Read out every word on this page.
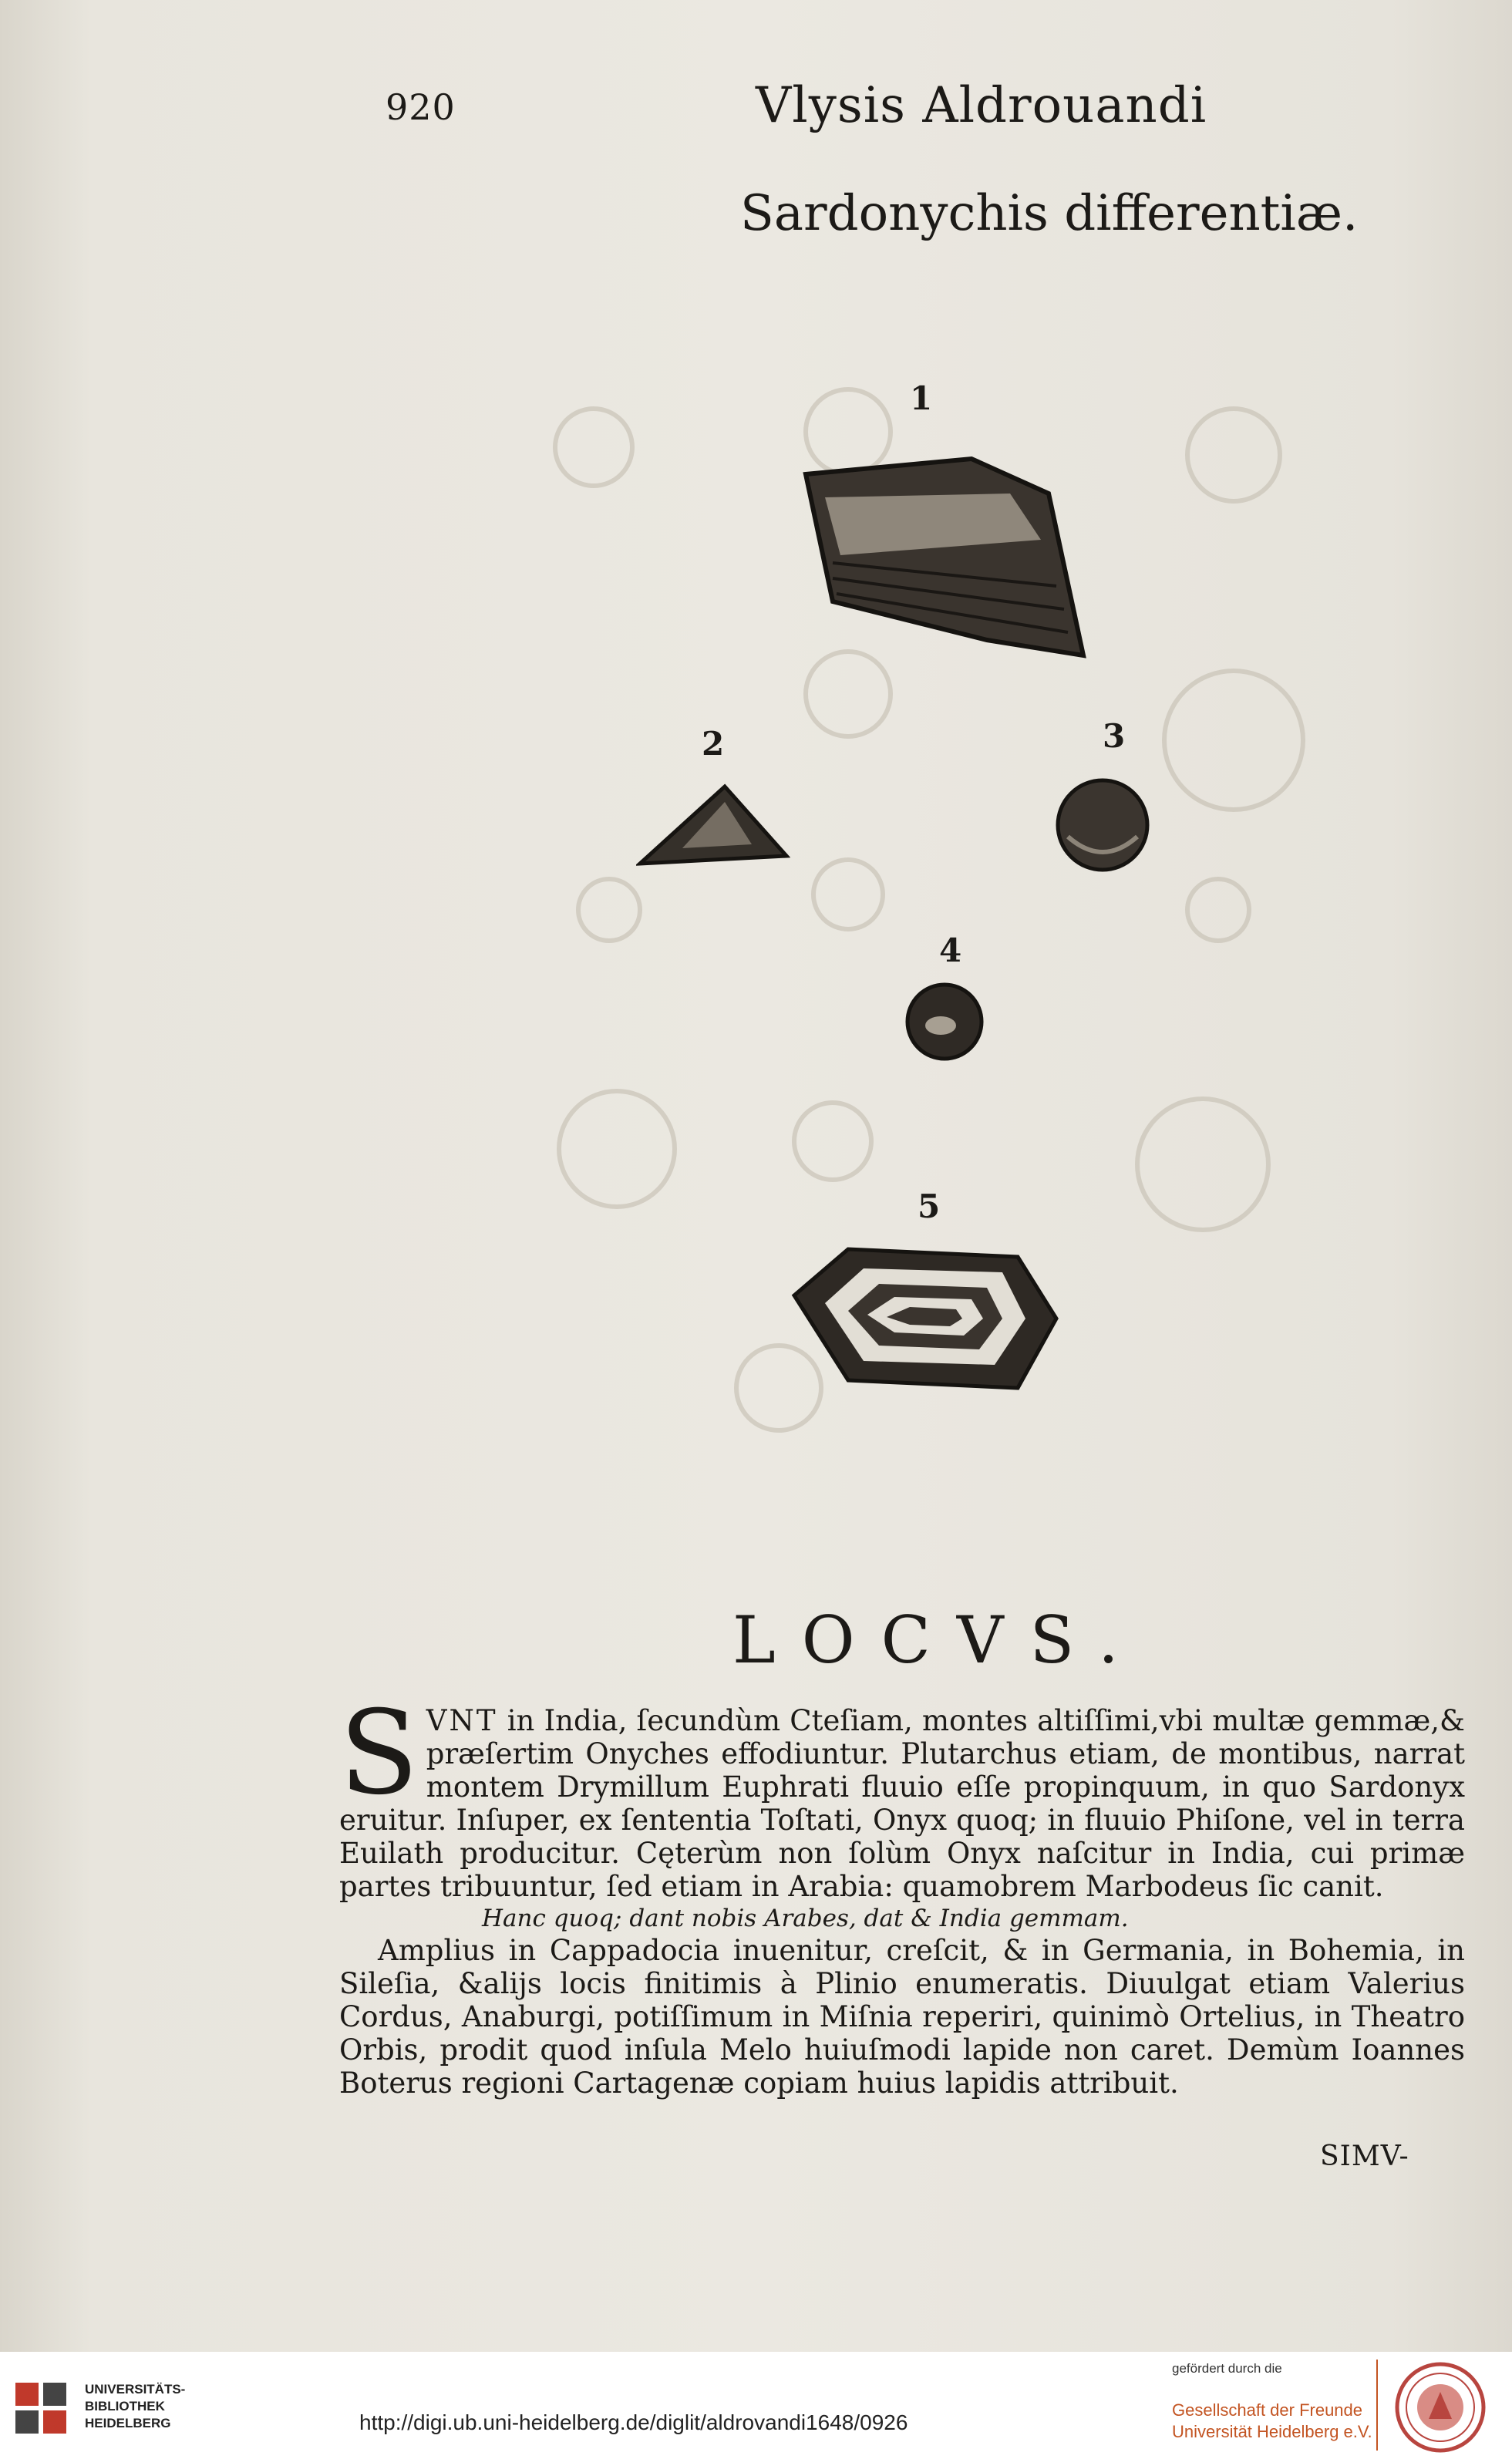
920	Vlysis Aldrouandi
Sardonychis differentiæ.
1
2	3
4
5
LOCVS.

SVNT in India, ſecundùm Cteſiam, montes altiſſimi,vbi multæ gemmæ,& præſertim Onyches effodiuntur. Plutarchus etiam, de montibus, narrat montem Drymillum Euphrati fluuio eſſe propinquum, in quo Sardonyx eruitur. Inſuper, ex ſententia Toſtati, Onyx quoq; in fluuio Phiſone, vel in terra Euilath producitur. Cęterùm non ſolùm Onyx naſcitur in India, cui primæ partes tribuuntur, ſed etiam in Arabia: quamobrem Marbodeus ſic canit.

Hanc quoq; dant nobis Arabes, dat & India gemmam.

Amplius in Cappadocia inuenitur, creſcit, & in Germania, in Bohemia, in Sileſia, &alijs locis finitimis à Plinio enumeratis. Diuulgat etiam Valerius Cordus, Anaburgi, potiſſimum in Miſnia reperiri, quinimò Ortelius, in Theatro Orbis, prodit quod inſula Melo huiuſmodi lapide non caret. Demùm Ioannes Boterus regioni Cartagenæ copiam huius lapidis attribuit.

SIMV-
UNIVERSITÄTS-
BIBLIOTHEK
HEIDELBERG	http://digi.ub.uni-heidelberg.de/diglit/aldrovandi1648/0926
gefördert durch die
Gesellschaft der Freunde
Universität Heidelberg e.V.
